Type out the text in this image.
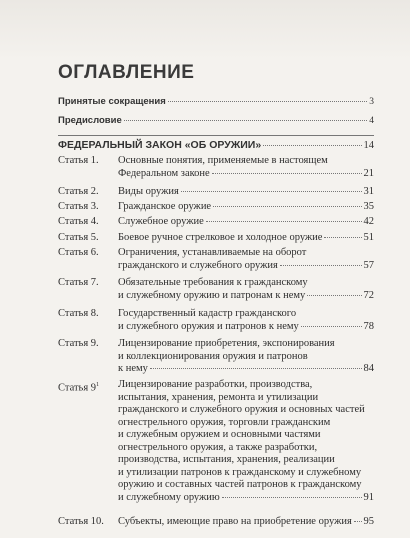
ОГЛАВЛЕНИЕ
Принятые сокращения	3
Предисловие	4
ФЕДЕРАЛЬНЫЙ ЗАКОН «ОБ ОРУЖИИ»	14
Статья 1.	Основные понятия, применяемые в настоящем
Федеральном законе	21
Статья 2.	Виды оружия	31
Статья 3.	Гражданское оружие	35
Статья 4.	Служебное оружие	42
Статья 5.	Боевое ручное стрелковое и холодное оружие	51
Статья 6.	Ограничения, устанавливаемые на оборот
гражданского и служебного оружия	57
Статья 7.	Обязательные требования к гражданскому
и служебному оружию и патронам к нему	72
Статья 8.	Государственный кадастр гражданского
и служебного оружия и патронов к нему	78
Статья 9.	Лицензирование приобретения, экспонирования
и коллекционирования оружия и патронов
к нему	84
Статья $9^1$	Лицензирование разработки, производства,
испытания, хранения, ремонта и утилизации
гражданского и служебного оружия и основных частей
огнестрельного оружия, торговли гражданским
и служебным оружием и основными частями
огнестрельного оружия, а также разработки,
производства, испытания, хранения, реализации
и утилизации патронов к гражданскому и служебному
оружию и составных частей патронов к гражданскому
и служебному оружию	91
Статья 10.	Субъекты, имеющие право на приобретение оружия 95
